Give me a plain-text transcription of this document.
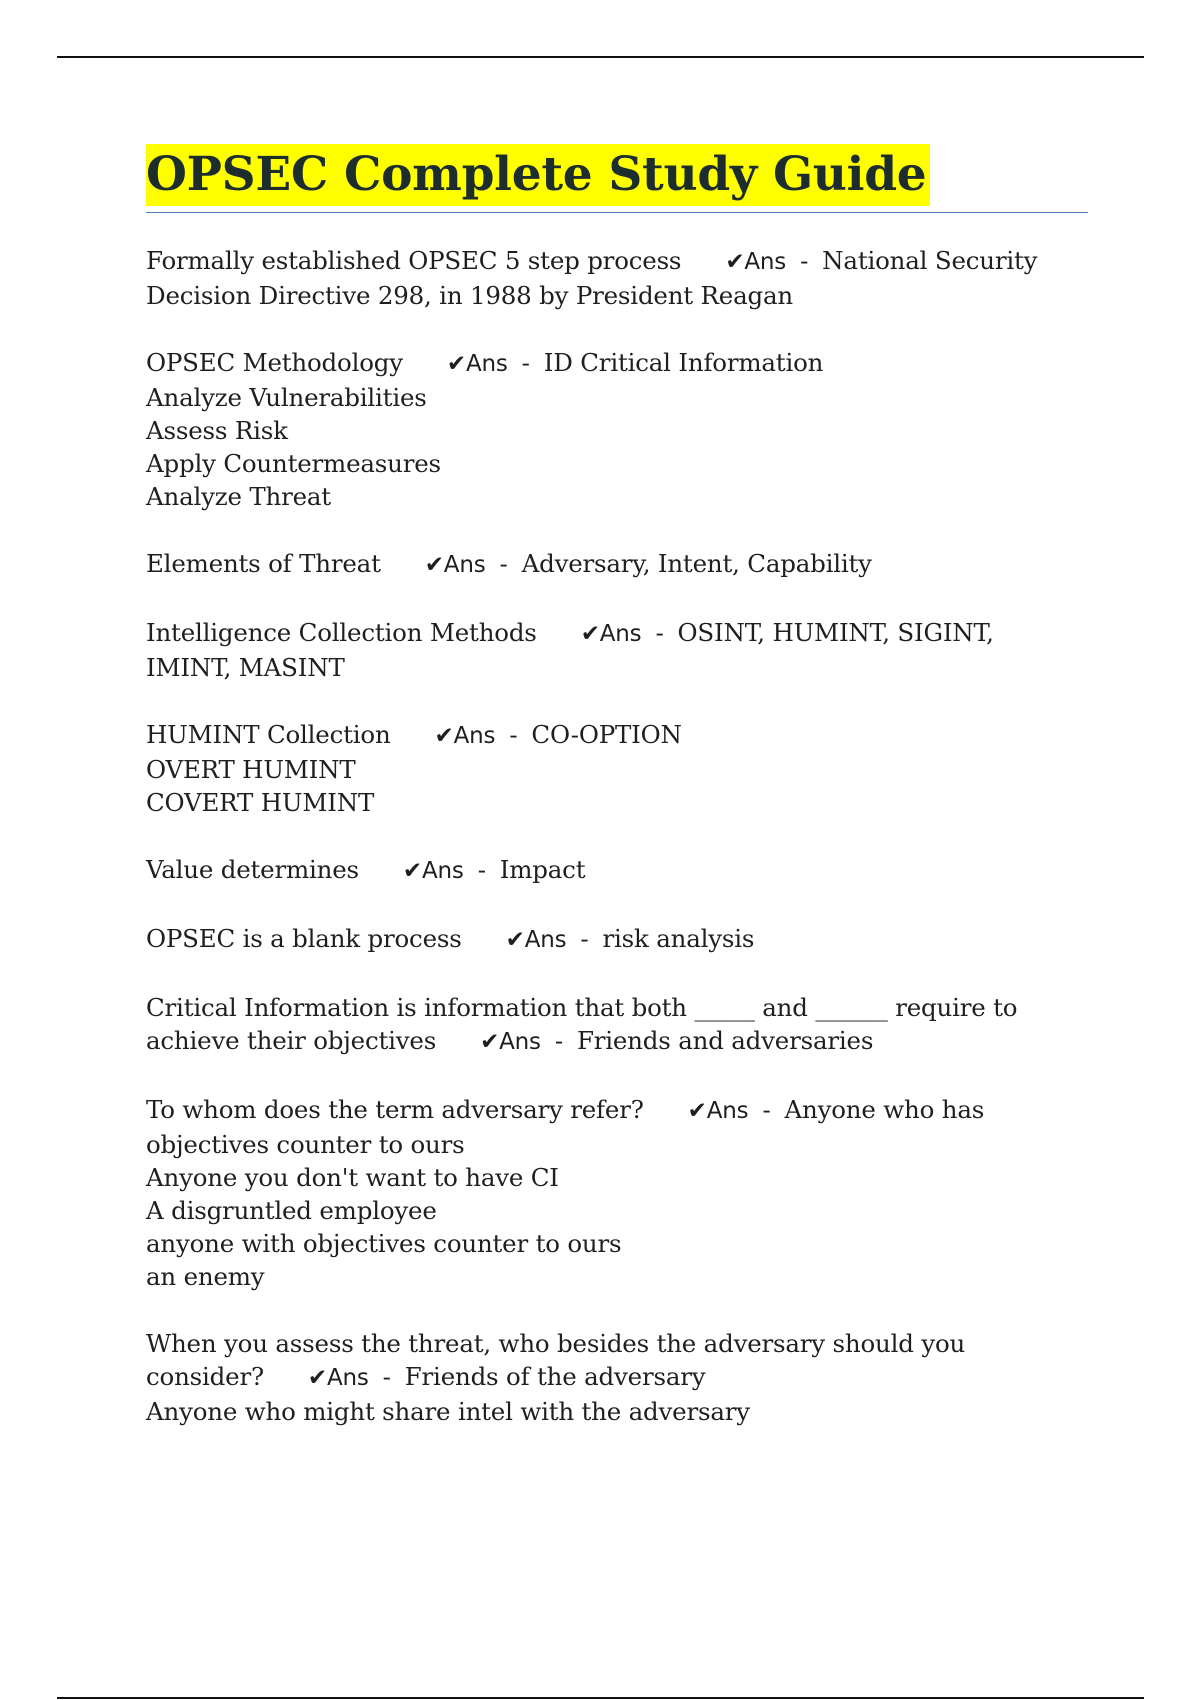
OPSEC Complete Study Guide
Formally established OPSEC 5 step process ✔Ans - National Security
Decision Directive 298, in 1988 by President Reagan
OPSEC Methodology ✔Ans - ID Critical Information
Analyze Vulnerabilities
Assess Risk
Apply Countermeasures
Analyze Threat
Elements of Threat ✔Ans - Adversary, Intent, Capability
Intelligence Collection Methods ✔Ans - OSINT, HUMINT, SIGINT,
IMINT, MASINT
HUMINT Collection ✔Ans - CO-OPTION
OVERT HUMINT
COVERT HUMINT
Value determines ✔Ans - Impact
OPSEC is a blank process ✔Ans - risk analysis
Critical Information is information that both _____ and ______ require to
achieve their objectives ✔Ans - Friends and adversaries
To whom does the term adversary refer? ✔Ans - Anyone who has
objectives counter to ours
Anyone you don't want to have CI
A disgruntled employee
anyone with objectives counter to ours
an enemy
When you assess the threat, who besides the adversary should you
consider? ✔Ans - Friends of the adversary
Anyone who might share intel with the adversary
